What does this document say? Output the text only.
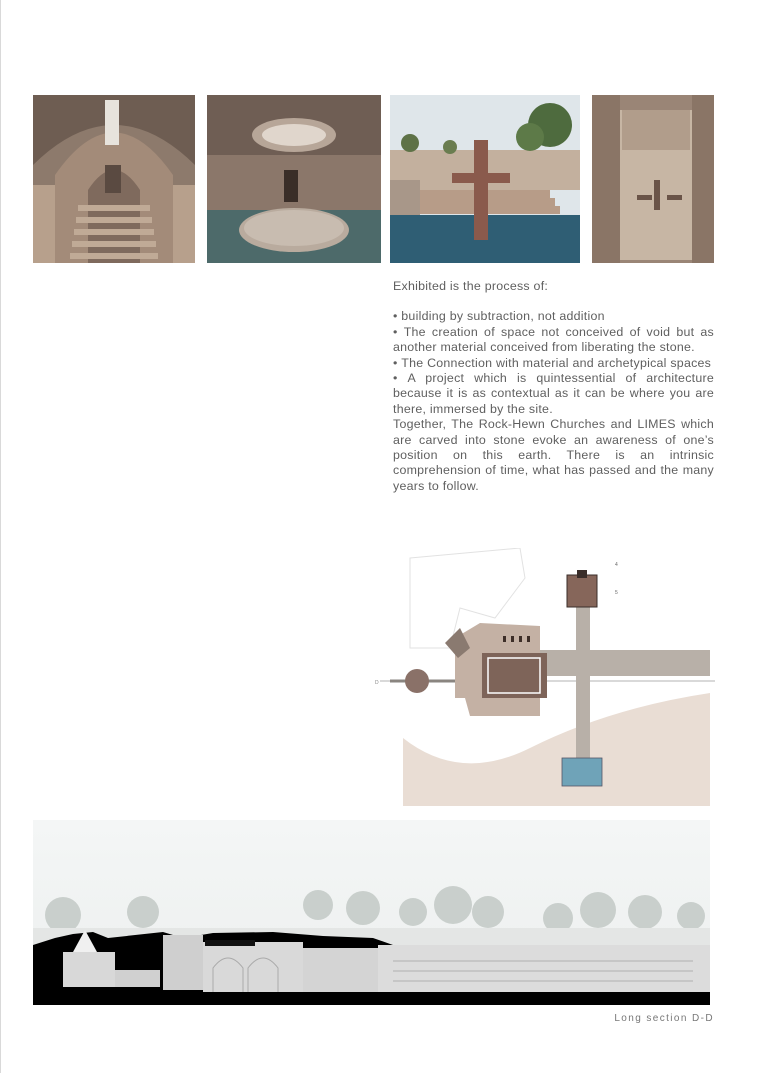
Exhibited is the process of:

• building by subtraction, not addition

• The creation of space not conceived of void but as another material conceived from liberating the stone.

• The Connection with material and archetypical spaces

• A project which is quintessential of architecture because it is as contextual as it can be where you are there, immersed by the site.

Together, The Rock-Hewn Churches and LIMES which are carved into stone evoke an awareness of one’s position on this earth. There is an intrinsic comprehension of time, what has passed and the many years to follow.

D
4
5
Long section D-D
